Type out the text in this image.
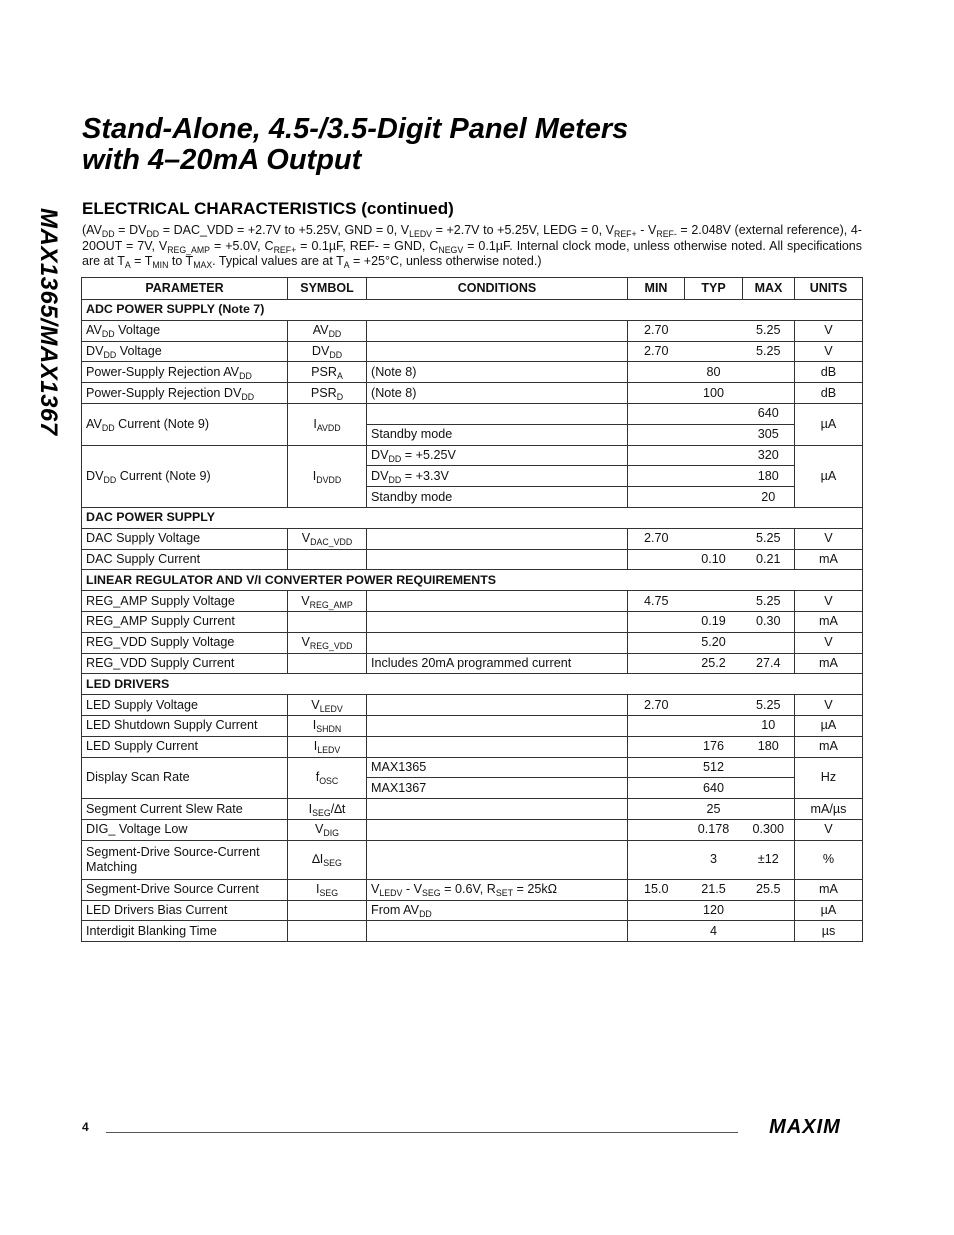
MAX1365/MAX1367
Stand-Alone, 4.5-/3.5-Digit Panel Meters
with 4–20mA Output
ELECTRICAL CHARACTERISTICS (continued)
($AV_{DD} = DV_{DD}$ = DAC_VDD = +2.7V to +5.25V, GND = 0, $V_{LEDV} = +2.7V$ to +5.25V, LEDG = 0, $V_{REF+} - V_{REF-} = 2.048V$ (external reference), 4-20OUT = 7V, $V_{REG\_AMP} = +5.0V$, $C_{REF+} = 0.1\mu F$, REF- = GND, $C_{NEGV} = 0.1\mu F$. Internal clock mode, unless otherwise noted. All specifications are at $T_A = T_{MIN}$ to $T_{MAX}$. Typical values are at $T_A = +25^\circ C$, unless otherwise noted.)
PARAMETER	SYMBOL	CONDITIONS	MIN	TYP	MAX	UNITS
ADC POWER SUPPLY (Note 7)						
$AV_{DD}$ Voltage	$AV_{DD}$		2.70		5.25	V
$DV_{DD}$ Voltage	$DV_{DD}$		2.70		5.25	V
Power-Supply Rejection $AV_{DD}$	$PSR_A$	(Note 8)		80		dB
Power-Supply Rejection $DV_{DD}$	$PSR_D$	(Note 8)		100		dB
$AV_{DD}$ Current (Note 9)	$I_{AVDD}$				640	µA
		Standby mode			305	
$DV_{DD}$ Current (Note 9)	$I_{DVDD}$	$DV_{DD} = +5.25V$			320	µA
		$DV_{DD} = +3.3V$			180	
		Standby mode			20	
DAC POWER SUPPLY						
DAC Supply Voltage	$V_{DAC\_VDD}$		2.70		5.25	V
DAC Supply Current				0.10	0.21	mA
LINEAR REGULATOR AND V/I CONVERTER POWER REQUIREMENTS						
REG_AMP Supply Voltage	$V_{REG\_AMP}$		4.75		5.25	V
REG_AMP Supply Current				0.19	0.30	mA
REG_VDD Supply Voltage	$V_{REG\_VDD}$			5.20		V
REG_VDD Supply Current		Includes 20mA programmed current		25.2	27.4	mA
LED DRIVERS						
LED Supply Voltage	$V_{LEDV}$		2.70		5.25	V
LED Shutdown Supply Current	$I_{SHDN}$				10	µA
LED Supply Current	$I_{LEDV}$			176	180	mA
Display Scan Rate	$f_{OSC}$	MAX1365		512		Hz
		MAX1367		640		
Segment Current Slew Rate	$I_{SEG}/\Delta t$			25		mA/µs
DIG_ Voltage Low	$V_{DIG}$			0.178	0.300	V
Segment-Drive Source-Current Matching	$\Delta I_{SEG}$			3	±12	%
Segment-Drive Source Current	$I_{SEG}$	$V_{LEDV} - V_{SEG} = 0.6V$, $R_{SET} = 25k\Omega$	15.0	21.5	25.5	mA
LED Drivers Bias Current		From $AV_{DD}$		120		µA
Interdigit Blanking Time				4		µs
4	MAXIM
